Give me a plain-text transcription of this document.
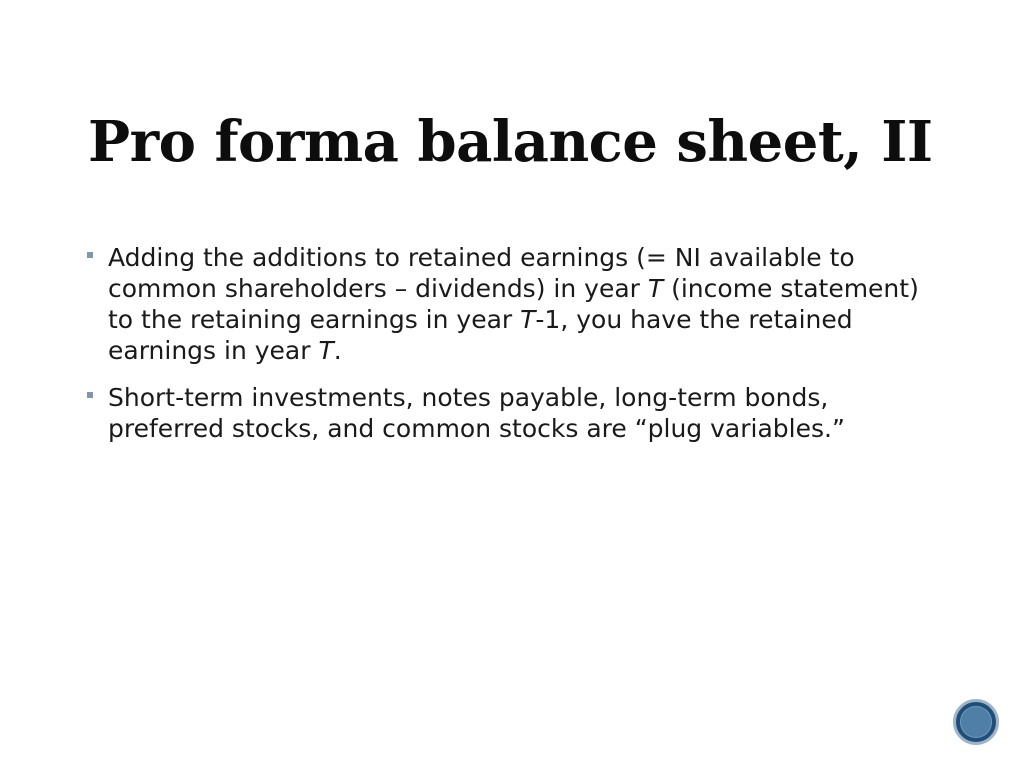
Pro forma balance sheet, II
Adding the additions to retained earnings (= NI available to common shareholders – dividends) in year T (income statement) to the retaining earnings in year T-1, you have the retained earnings in year T.
Short-term investments, notes payable, long-term bonds, preferred stocks, and common stocks are “plug variables.”
